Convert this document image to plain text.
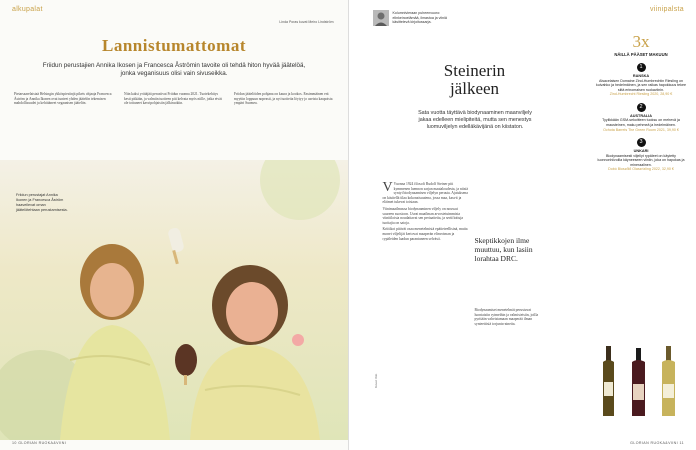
alkupalat
Linda Poras kuvat Meiro Lindström
Lannistumattomat
Friidun perustajien Annika Ikosen ja Francesca Åströmin tavoite oli tehdä hiton hyvää jäätelöä, jonka veganisuus olisi vain sivuseikka.

Pietarsaarelaistaä Helsingin ykköspiesiinjä pikeis ohjaaja Francesca Åström ja Annika Ikonen ovat tunteet yhden jäätelön tekemisen mahdollisuudet ja kehittäneet vegaanisen jäätelön.

Niin kaksi yrittäjää perustivat Friidun vuonna 2021. Tuotekehitys kesti pitkään, ja valmiin tuotteen piti kelvata myös niille, jotka eivät ole tottuneet kasvipohjaisiin jälkiruokiin.

Friidun jäätelöiden pohjana on kaura ja kookos. Ensimmäinen erä myytiin loppuun nopeasti, ja nyt tuotteita löytyy jo useista kaupoista ympäri Suomea.

Friidun perustajat Annika Ikonen ja Francesca Åström haaveilevat oman jäätelötehtaan perustamisesta.
10 GLORIAN RUOKA&VIINI
Kolumnivieraan puheenvuoro: elinkeinoelämää, ilmastoa ja viiniä käsittelevä kirjoitussarja.
viinipalsta
Steinerin jälkeen
Sata vuotta täyttävä biodynaaminen maanviljely jakaa edelleen mielipiteitä, mutta sen menestys luomuviljelyn edelläkävijänä on kiistaton.

V Vuonna 1924 filosofi Rudolf Steiner piti kymmenen luennon sarjan maataloudesta, ja niistä syntyi biodynaamisen viljelyn perusta. Ajatuksena on käsitellä tilaa kokonaisuutena, jossa maa, kasvit ja eläimet tukevat toisiaan.

Viinimaailmassa biodynaaminen viljely on noussut suureen suosioon. Useat maailman arvostetuimmista viinitiloista noudattavat sen periaatteita, ja sertifioituja tuottajia on satoja.

Kriitikot pitävät osaa menetelmistä epätieteellisinä, mutta monet viljelijät kertovat maaperän elinvoiman ja rypäleiden laadun parantuneen selvästi.	Skeptikkojen ilme muuttuu, kun lasiin lorahtaa DRC.

Biodynaamiset menetelmät perustuvat luontaisiin rytmeihin ja valmisteisiin, joilla pyritään vahvistamaan maaperää ilman synteettisiä torjunta-aineita.

Kuvat: Kilo
3x
NÄILLÄ PÄÄSET MAKUUN
1
RANSKA
Alsacelaisen Domaine Zind-Humbrechtin Riesling on kuivahko ja hedelmäinen, ja sen raikas hapokkuus tekee siitä erinomaisen ruokaviinin.
Zind-Humbrecht Riesling 2020, 28,90 €
2
AUSTRALIA
Tyylikkään GSM-sekoitteen tuoksu on mehevä ja mausteinen, maku pehmeä ja hedelmäinen.
Ochota Barrels The Green Room 2021, 39,90 €
3
UNKARI
Biodynaamisesti viljellyt rypäleet on käytetty luonnonhiivoilla käyneeseen viiniin, joka on hapokas ja mineraalinen.
Dobó Bioszőlő Olaszrizling 2022, 32,90 €
GLORIAN RUOKA&VIINI 11
